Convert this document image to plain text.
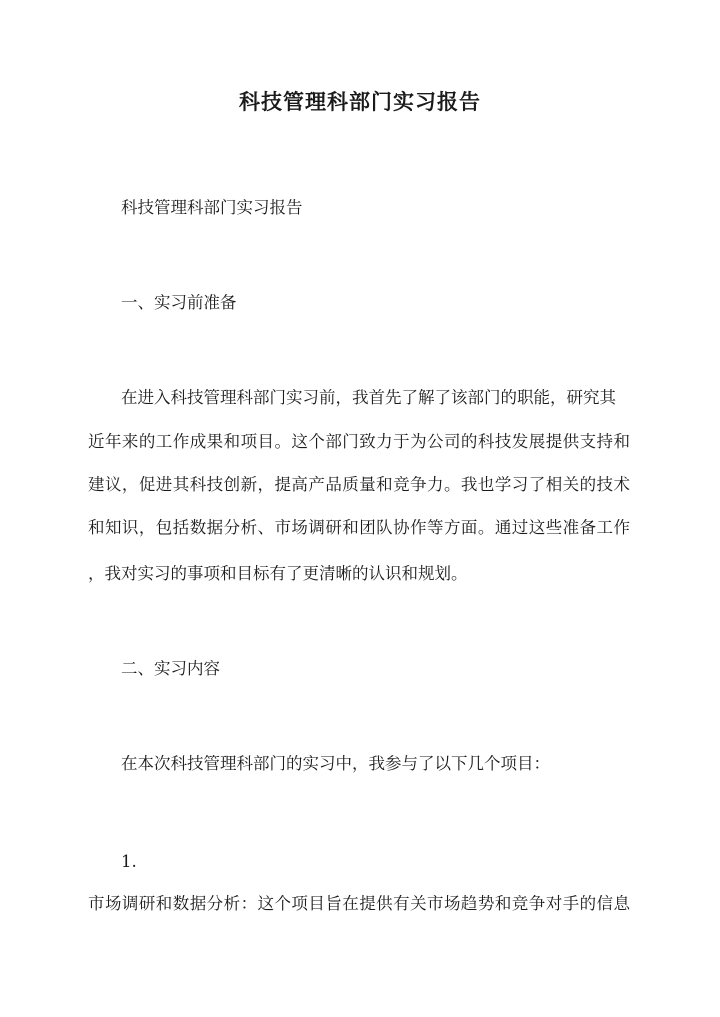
科技管理科部门实习报告
科技管理科部门实习报告
一、实习前准备
在进入科技管理科部门实习前，我首先了解了该部门的职能，研究其
近年来的工作成果和项目。这个部门致力于为公司的科技发展提供支持和
建议，促进其科技创新，提高产品质量和竞争力。我也学习了相关的技术
和知识，包括数据分析、市场调研和团队协作等方面。通过这些准备工作
，我对实习的事项和目标有了更清晰的认识和规划。
二、实习内容
在本次科技管理科部门的实习中，我参与了以下几个项目：
1.
市场调研和数据分析：这个项目旨在提供有关市场趋势和竞争对手的信息
